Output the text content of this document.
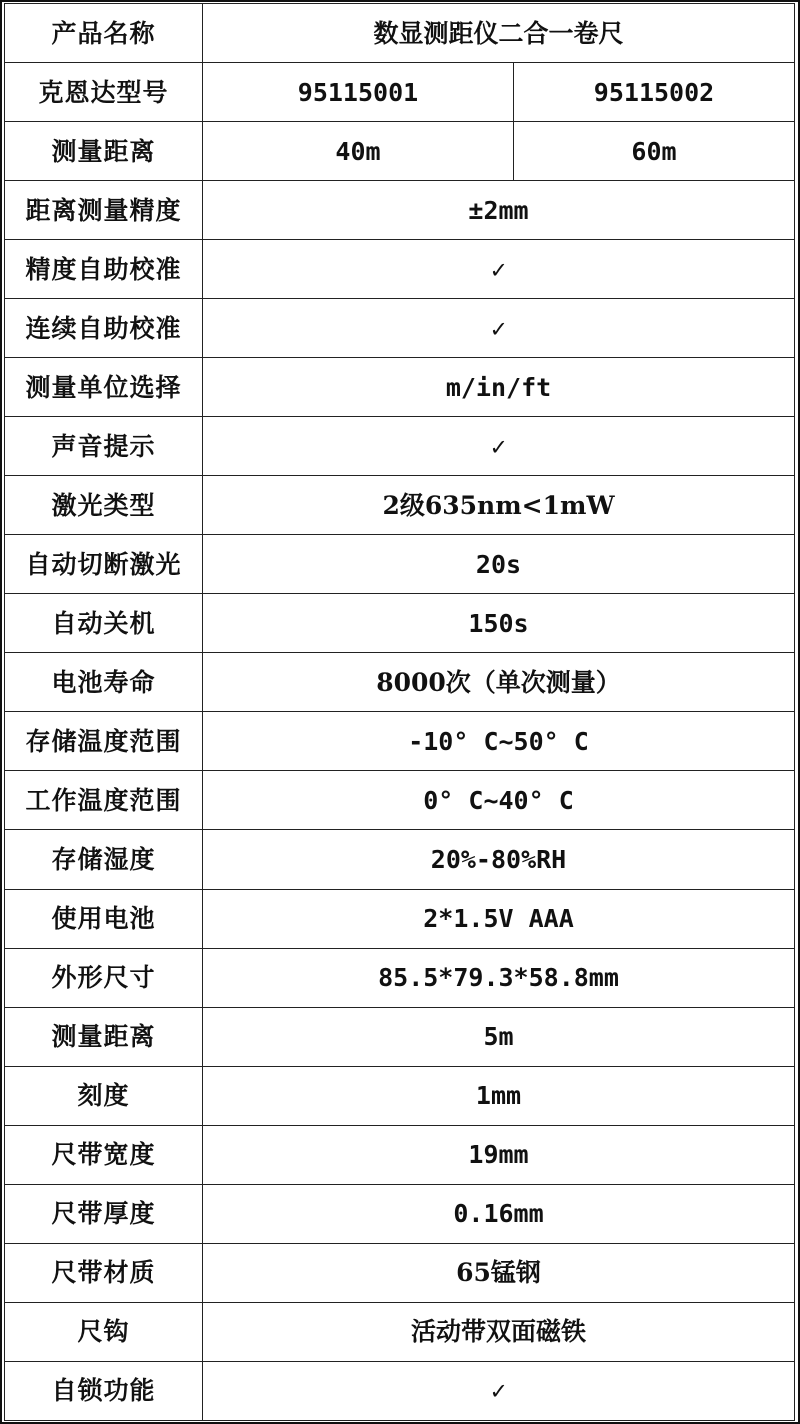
产品名称	数显测距仪二合一卷尺	
克恩达型号	95115001	95115002
测量距离	40m	60m
距离测量精度	±2mm	
精度自助校准	✓	
连续自助校准	✓	
测量单位选择	m/in/ft	
声音提示	✓	
激光类型	2级635nm<1mW	
自动切断激光	20s	
自动关机	150s	
电池寿命	8000次（单次测量）	
存储温度范围	-10° C~50° C	
工作温度范围	0° C~40° C	
存储湿度	20%-80%RH	
使用电池	2*1.5V AAA	
外形尺寸	85.5*79.3*58.8mm	
测量距离	5m	
刻度	1mm	
尺带宽度	19mm	
尺带厚度	0.16mm	
尺带材质	65锰钢	
尺钩	活动带双面磁铁	
自锁功能	✓	
